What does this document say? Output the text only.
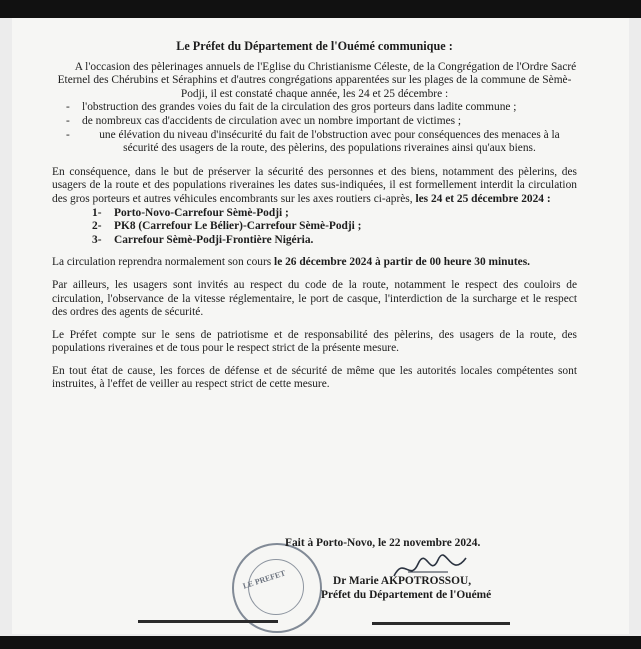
Le Préfet du Département de l'Ouémé communique :

A l'occasion des pèlerinages annuels de l'Eglise du Christianisme Céleste, de la Congrégation de l'Ordre Sacré Eternel des Chérubins et Séraphins et d'autres congrégations apparentées sur les plages de la commune de Sèmè-Podji, il est constaté chaque année, les 24 et 25 décembre :

- l'obstruction des grandes voies du fait de la circulation des gros porteurs dans ladite commune ;
- de nombreux cas d'accidents de circulation avec un nombre important de victimes ;
- une élévation du niveau d'insécurité du fait de l'obstruction avec pour conséquences des menaces à la sécurité des usagers de la route, des pèlerins, des populations riveraines ainsi qu'aux biens.

En conséquence, dans le but de préserver la sécurité des personnes et des biens, notamment des pèlerins, des usagers de la route et des populations riveraines les dates sus-indiquées, il est formellement interdit la circulation des gros porteurs et autres véhicules encombrants sur les axes routiers ci-après, les 24 et 25 décembre 2024 :

1- Porto-Novo-Carrefour Sèmè-Podji ;
2- PK8 (Carrefour Le Bélier)-Carrefour Sèmè-Podji ;
3- Carrefour Sèmè-Podji-Frontière Nigéria.

La circulation reprendra normalement son cours le 26 décembre 2024 à partir de 00 heure 30 minutes.

Par ailleurs, les usagers sont invités au respect du code de la route, notamment le respect des couloirs de circulation, l'observance de la vitesse réglementaire, le port de casque, l'interdiction de la surcharge et le respect des ordres des agents de sécurité.

Le Préfet compte sur le sens de patriotisme et de responsabilité des pèlerins, des usagers de la route, des populations riveraines et de tous pour le respect strict de la présente mesure.

En tout état de cause, les forces de défense et de sécurité de même que les autorités locales compétentes sont instruites, à l'effet de veiller au respect strict de cette mesure.

LE PREFET
Fait à Porto-Novo, le 22 novembre 2024.
Dr Marie AKPOTROSSOU,
Préfet du Département de l'Ouémé
